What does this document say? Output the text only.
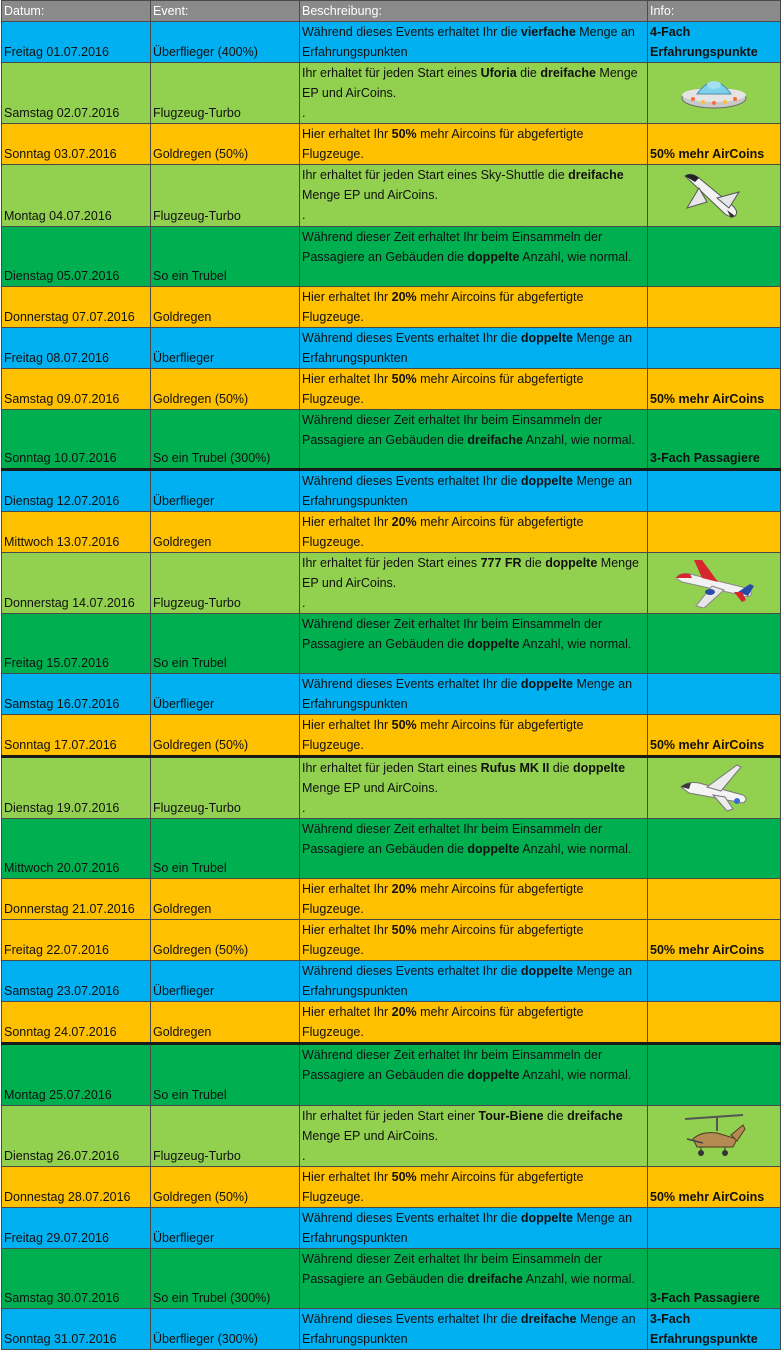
Datum:	Event:	Beschreibung:	Info:
Freitag 01.07.2016	Überflieger (400%)	Während dieses Events erhaltet Ihr die vierfache Menge an Erfahrungspunkten	4-Fach Erfahrungspunkte
Samstag 02.07.2016	Flugzeug-Turbo	Ihr erhaltet für jeden Start eines Uforia die dreifache Menge EP und AirCoins.
.	

Sonntag 03.07.2016	Goldregen (50%)	Hier erhaltet Ihr 50% mehr Aircoins für abgefertigte Flugzeuge.	50% mehr AirCoins
Montag 04.07.2016	Flugzeug-Turbo	Ihr erhaltet für jeden Start eines Sky-Shuttle die dreifache Menge EP und AirCoins.
.	

Dienstag 05.07.2016	So ein Trubel	Während dieser Zeit erhaltet Ihr beim Einsammeln der Passagiere an Gebäuden die doppelte Anzahl, wie normal.	
Donnerstag 07.07.2016	Goldregen	Hier erhaltet Ihr 20% mehr Aircoins für abgefertigte Flugzeuge.	
Freitag 08.07.2016	Überflieger	Während dieses Events erhaltet Ihr die doppelte Menge an Erfahrungspunkten	
Samstag 09.07.2016	Goldregen (50%)	Hier erhaltet Ihr 50% mehr Aircoins für abgefertigte Flugzeuge.	50% mehr AirCoins
Sonntag 10.07.2016	So ein Trubel (300%)	Während dieser Zeit erhaltet Ihr beim Einsammeln der Passagiere an Gebäuden die dreifache Anzahl, wie normal.	3-Fach Passagiere
Dienstag 12.07.2016	Überflieger	Während dieses Events erhaltet Ihr die doppelte Menge an Erfahrungspunkten	
Mittwoch 13.07.2016	Goldregen	Hier erhaltet Ihr 20% mehr Aircoins für abgefertigte Flugzeuge.	
Donnerstag 14.07.2016	Flugzeug-Turbo	Ihr erhaltet für jeden Start eines 777 FR die doppelte Menge EP und AirCoins.
.	

Freitag 15.07.2016	So ein Trubel	Während dieser Zeit erhaltet Ihr beim Einsammeln der Passagiere an Gebäuden die doppelte Anzahl, wie normal.	
Samstag 16.07.2016	Überflieger	Während dieses Events erhaltet Ihr die doppelte Menge an Erfahrungspunkten	
Sonntag 17.07.2016	Goldregen (50%)	Hier erhaltet Ihr 50% mehr Aircoins für abgefertigte Flugzeuge.	50% mehr AirCoins
Dienstag 19.07.2016	Flugzeug-Turbo	Ihr erhaltet für jeden Start eines Rufus MK II die doppelte Menge EP und AirCoins.
.	

Mittwoch 20.07.2016	So ein Trubel	Während dieser Zeit erhaltet Ihr beim Einsammeln der Passagiere an Gebäuden die doppelte Anzahl, wie normal.	
Donnerstag 21.07.2016	Goldregen	Hier erhaltet Ihr 20% mehr Aircoins für abgefertigte Flugzeuge.	
Freitag 22.07.2016	Goldregen (50%)	Hier erhaltet Ihr 50% mehr Aircoins für abgefertigte Flugzeuge.	50% mehr AirCoins
Samstag 23.07.2016	Überflieger	Während dieses Events erhaltet Ihr die doppelte Menge an Erfahrungspunkten	
Sonntag 24.07.2016	Goldregen	Hier erhaltet Ihr 20% mehr Aircoins für abgefertigte Flugzeuge.	
Montag 25.07.2016	So ein Trubel	Während dieser Zeit erhaltet Ihr beim Einsammeln der Passagiere an Gebäuden die doppelte Anzahl, wie normal.	
Dienstag 26.07.2016	Flugzeug-Turbo	Ihr erhaltet für jeden Start einer Tour-Biene die dreifache Menge EP und AirCoins.
.	

Donnestag 28.07.2016	Goldregen (50%)	Hier erhaltet Ihr 50% mehr Aircoins für abgefertigte Flugzeuge.	50% mehr AirCoins
Freitag 29.07.2016	Überflieger	Während dieses Events erhaltet Ihr die doppelte Menge an Erfahrungspunkten	
Samstag 30.07.2016	So ein Trubel (300%)	Während dieser Zeit erhaltet Ihr beim Einsammeln der Passagiere an Gebäuden die dreifache Anzahl, wie normal.	3-Fach Passagiere
Sonntag 31.07.2016	Überflieger (300%)	Während dieses Events erhaltet Ihr die dreifache Menge an Erfahrungspunkten	3-Fach Erfahrungspunkte
